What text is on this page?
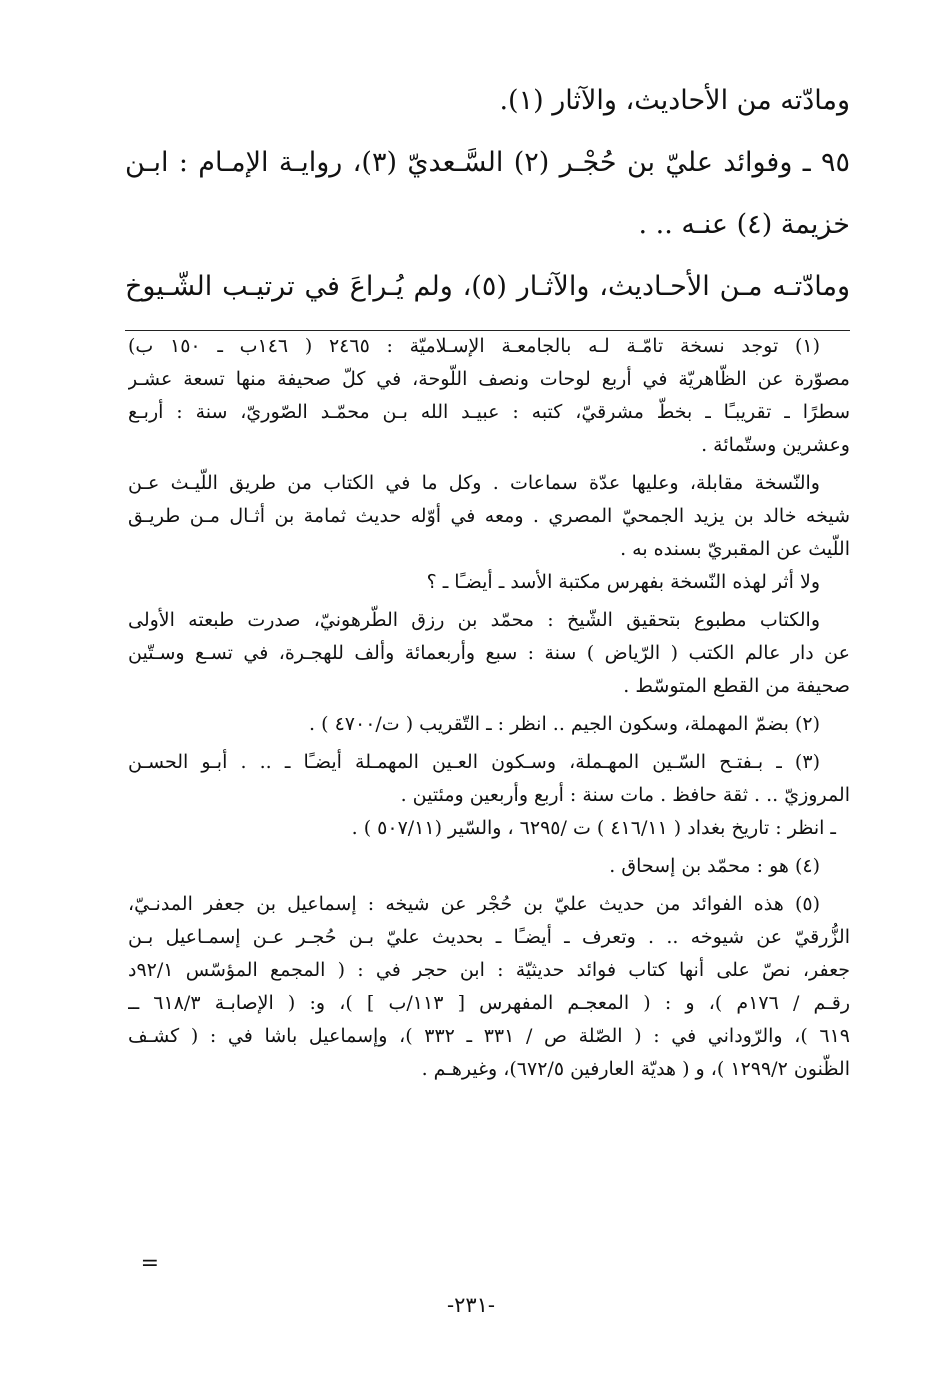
ومادّته من الأحاديث، والآثار (١).
٩٥ ـ وفوائد عليّ بن حُجْـر (٢) السَّـعديّ (٣)، روايـة الإمـام : ابـن
خزيمة (٤) عنـه .. .
ومادّتـه مـن الأحـاديث، والآثـار (٥)، ولم يُـراعَ في ترتيـب الشّـيوخ
(١) توجد نسخة تامّـة لـه بالجامعـة الإسـلاميّة : ٢٤٦٥ ( ١٤٦ب ـ ١٥٠ ب)
مصوّرة عن الظّاهريّة في أربع لوحات ونصف اللّوحة، في كلّ صحيفة منها تسعة عشـر
سطرًا ـ تقريبـًا ـ بخطّ مشرقيّ، كتبه : عبيـد الله بـن محمّـد الصّوريّ، سنة : أربـع
وعشرين وستّمائة .
والنّسخة مقابلة، وعليها عدّة سماعات . وكل ما في الكتاب من طريق اللّيـث عـن
شيخه خالد بن يزيد الجمحيّ المصري . ومعه في أوّله حديث ثمامة بن أثـال مـن طريـق
اللّيث عن المقبريّ بسنده به .
ولا أثر لهذه النّسخة بفهرس مكتبة الأسد ـ أيضـًا ـ ؟
والكتاب مطبوع بتحقيق الشّيخ : محمّد بن رزق الطّرهونيّ، صدرت طبعته الأولى
عن دار عالم الكتب ( الرّياض ) سنة : سبع وأربعمائة وألف للهجـرة، في تسـع وسـتّين
صحيفة من القطع المتوسّط .
(٢) بضمّ المهملة، وسكون الجيم .. انظر : ـ التّقريب ( ت/٤٧٠٠ ) .
(٣) ـ بـفتـح السّـين المهـملة، وسـكون العـين المهمـلة أيضـًا ـ .. . أبـو الحسـن
المروزيّ .. . ثقة حافظ . مات سنة : أربع وأربعين ومئتين .
ـ انظر : تاريخ بغداد ( ٤١٦/١١ ) ت /٦٢٩٥ ، والسّير (٥٠٧/١١ ) .
(٤) هو : محمّد بن إسحاق .
(٥) هذه الفوائد من حديث عليّ بن حُجْر عن شيخه : إسماعيل بن جعفر المدنـيّ،
الزُّرقيّ عن شيوخه .. . وتعرف ـ أيضـًا ـ بحديث عليّ بـن حُجـر عـن إسمـاعيل بـن
جعفر، نصّ على أنها كتاب فوائد حديثيّة : ابن حجر في : ( المجمع المؤسّس ٩٢/١د
رقـم / ١٧٦م )، و : ( المعجـم المفهرس [ ١١٣/ب ] )، و: ( الإصابـة ٦١٨/٣ ــ
٦١٩ )، والرّوداني في : ( الصّلة ص / ٣٣١ ـ ٣٣٢ )، وإسماعيل باشا في : ( كشـف
الظّنون ١٢٩٩/٢ )، و ( هديّة العارفين ٦٧٢/٥)، وغيرهـم .
=
-٢٣١-
